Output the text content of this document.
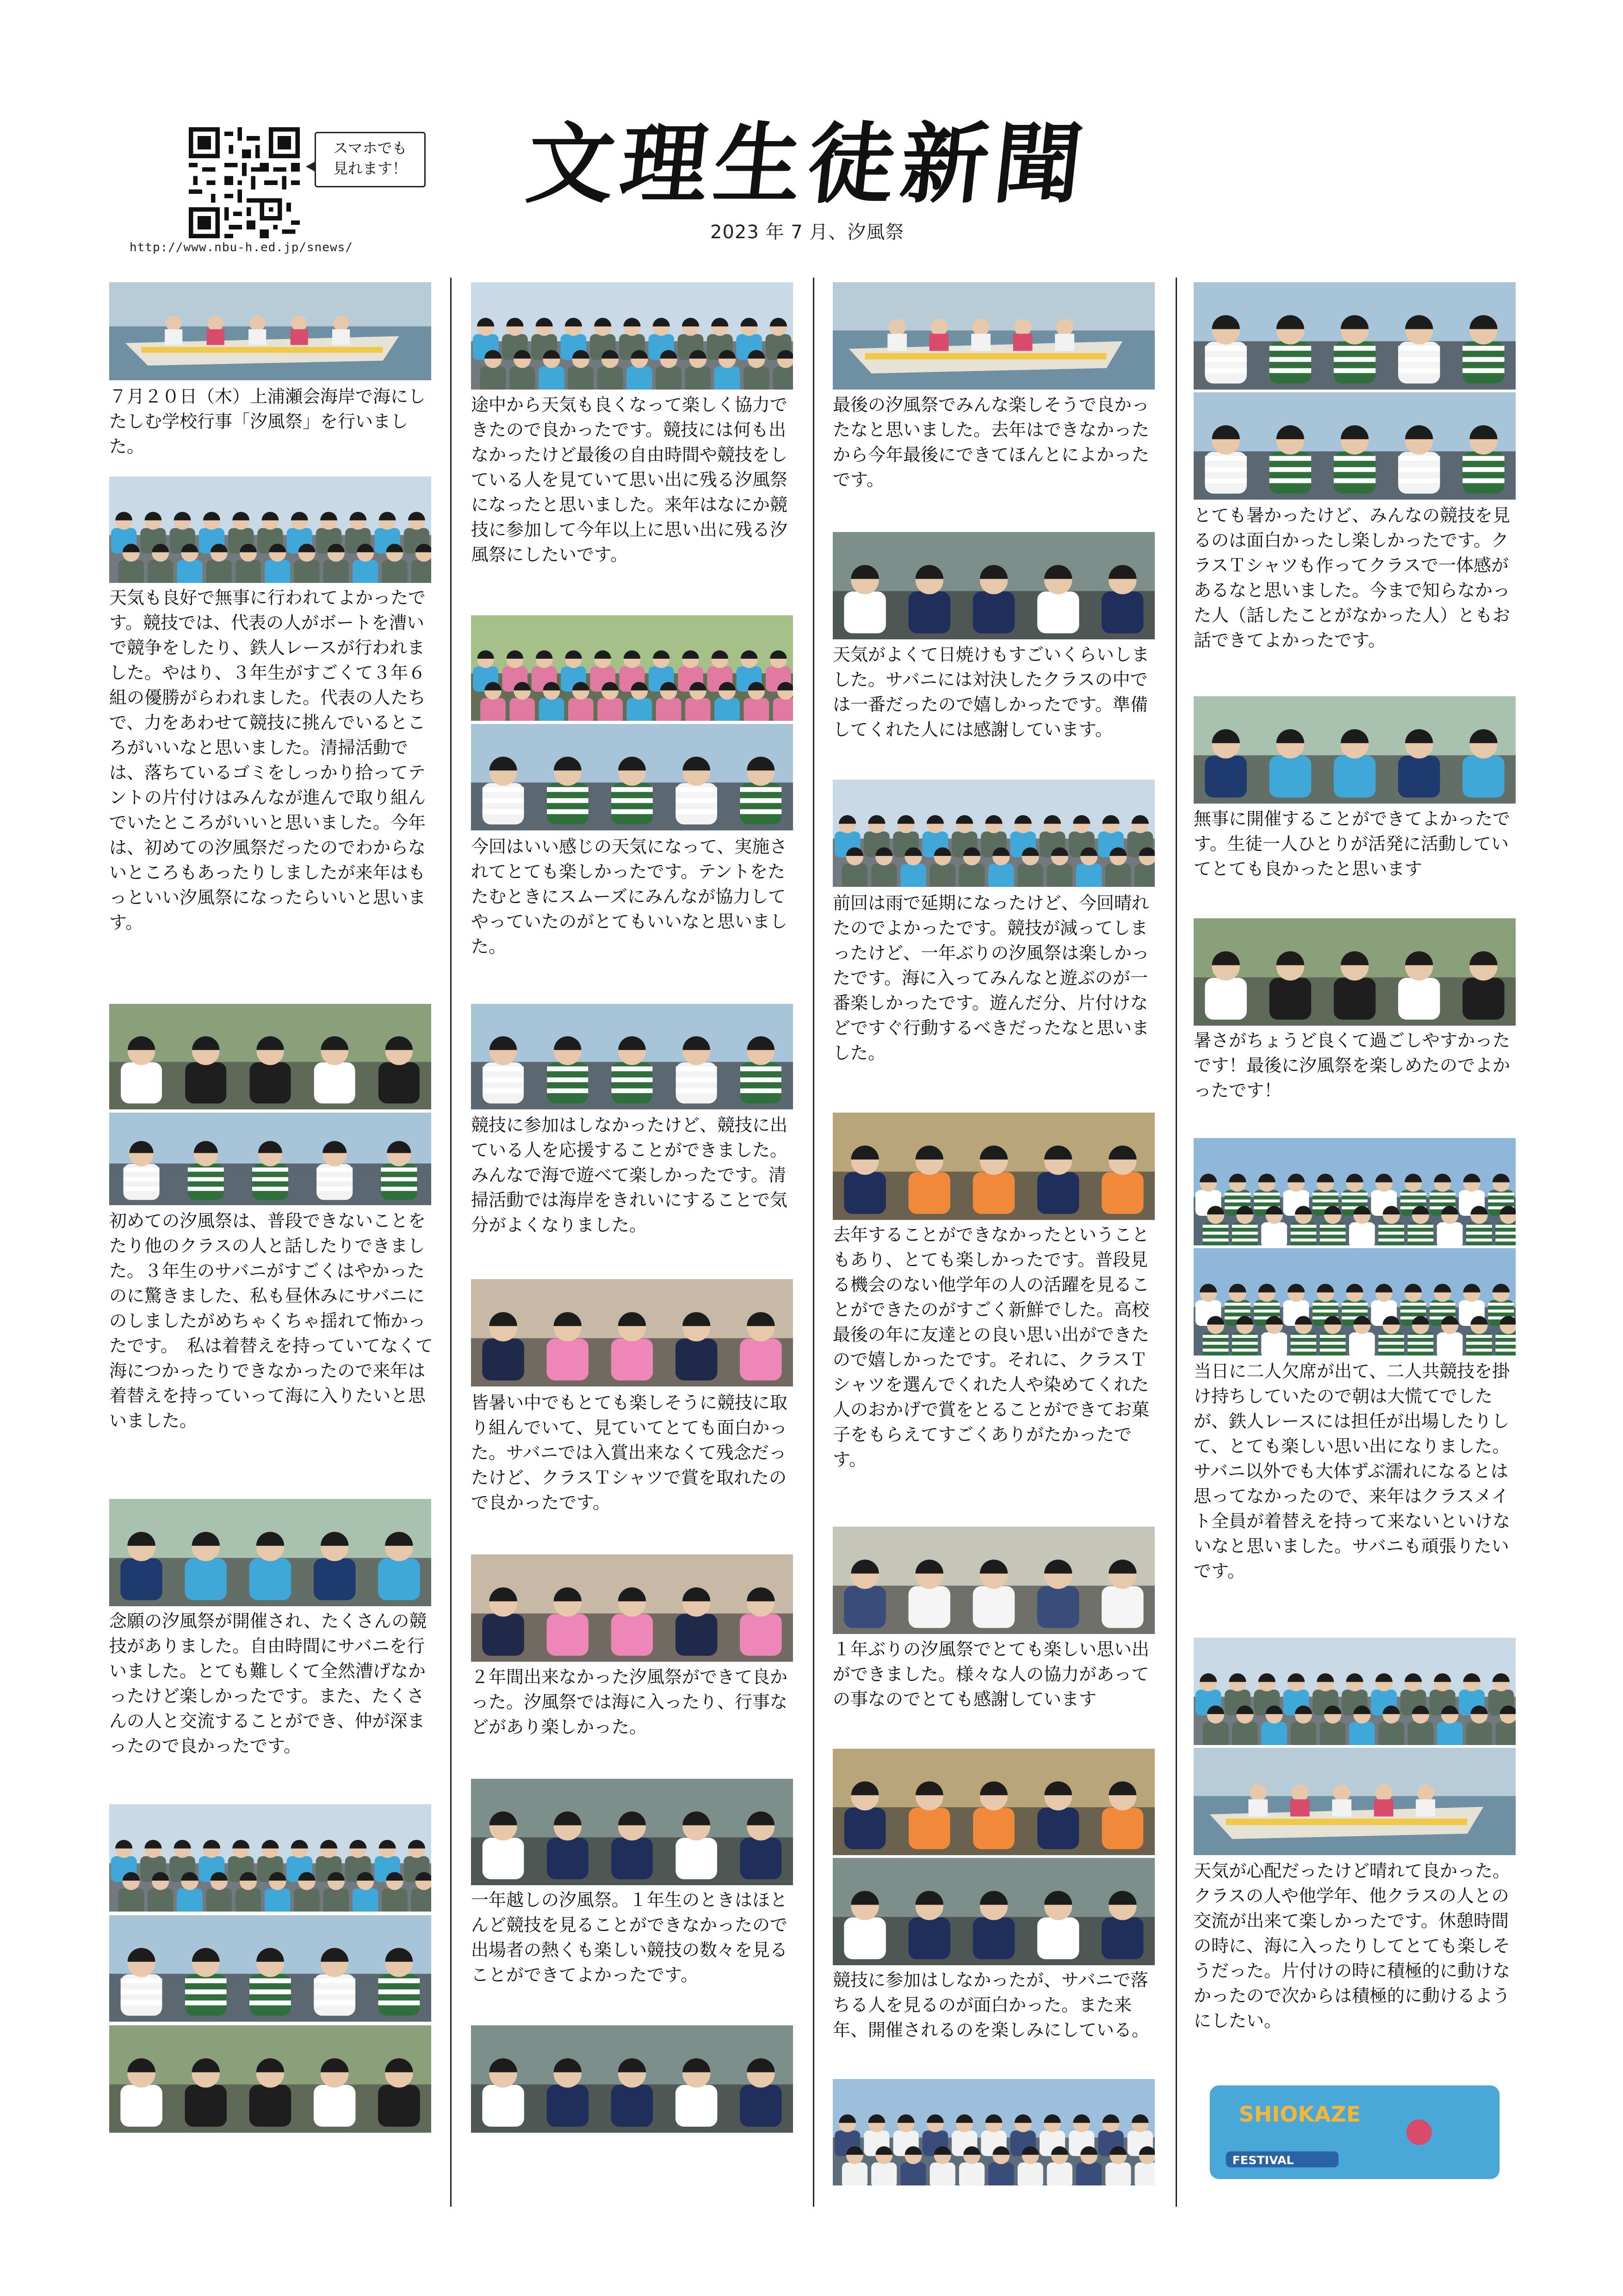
http://www.nbu-h.ed.jp/snews/
スマホでも
見れます！ 文理生徒新聞
2023 年 7 月、汐風祭

７月２０日（木）上浦瀬会海岸で海にしたしむ学校行事「汐風祭」を行いました。

天気も良好で無事に行われてよかったです。競技では、代表の人がボートを漕いで競争をしたり、鉄人レースが行われました。やはり、３年生がすごくて３年６組の優勝がらわれました。代表の人たちで、力をあわせて競技に挑んでいるところがいいなと思いました。清掃活動では、落ちているゴミをしっかり拾ってテントの片付けはみんなが進んで取り組んでいたところがいいと思いました。今年は、初めての汐風祭だったのでわからないところもあったりしましたが来年はもっといい汐風祭になったらいいと思います。

初めての汐風祭は、普段できないことをたり他のクラスの人と話したりできました。３年生のサバニがすごくはやかったのに驚きました、私も昼休みにサバニにのしましたがめちゃくちゃ揺れて怖かったです。　私は着替えを持っていてなくて海につかったりできなかったので来年は着替えを持っていって海に入りたいと思いました。

念願の汐風祭が開催され、たくさんの競技がありました。自由時間にサバニを行いました。とても難しくて全然漕げなかったけど楽しかったです。また、たくさんの人と交流することができ、仲が深まったので良かったです。

途中から天気も良くなって楽しく協力できたので良かったです。競技には何も出なかったけど最後の自由時間や競技をしている人を見ていて思い出に残る汐風祭になったと思いました。来年はなにか競技に参加して今年以上に思い出に残る汐風祭にしたいです。

今回はいい感じの天気になって、実施されてとても楽しかったです。テントをたたむときにスムーズにみんなが協力してやっていたのがとてもいいなと思いました。

競技に参加はしなかったけど、競技に出ている人を応援することができました。みんなで海で遊べて楽しかったです。清掃活動では海岸をきれいにすることで気分がよくなりました。

皆暑い中でもとても楽しそうに競技に取り組んでいて、見ていてとても面白かった。サバニでは入賞出来なくて残念だったけど、クラスＴシャツで賞を取れたので良かったです。

２年間出来なかった汐風祭ができて良かった。汐風祭では海に入ったり、行事などがあり楽しかった。

一年越しの汐風祭。１年生のときはほとんど競技を見ることができなかったので出場者の熱くも楽しい競技の数々を見ることができてよかったです。

最後の汐風祭でみんな楽しそうで良かったなと思いました。去年はできなかったから今年最後にできてほんとによかったです。

天気がよくて日焼けもすごいくらいしました。サバニには対決したクラスの中では一番だったので嬉しかったです。準備してくれた人には感謝しています。

前回は雨で延期になったけど、今回晴れたのでよかったです。競技が減ってしまったけど、一年ぶりの汐風祭は楽しかったです。海に入ってみんなと遊ぶのが一番楽しかったです。遊んだ分、片付けなどですぐ行動するべきだったなと思いました。

去年することができなかったということもあり、とても楽しかったです。普段見る機会のない他学年の人の活躍を見ることができたのがすごく新鮮でした。高校最後の年に友達との良い思い出ができたので嬉しかったです。それに、クラスＴシャツを選んでくれた人や染めてくれた人のおかげで賞をとることができてお菓子をもらえてすごくありがたかったです。

１年ぶりの汐風祭でとても楽しい思い出ができました。様々な人の協力があっての事なのでとても感謝しています

競技に参加はしなかったが、サバニで落ちる人を見るのが面白かった。また来年、開催されるのを楽しみにしている。

とても暑かったけど、みんなの競技を見るのは面白かったし楽しかったです。クラスＴシャツも作ってクラスで一体感があるなと思いました。今まで知らなかった人（話したことがなかった人）ともお話できてよかったです。

無事に開催することができてよかったです。生徒一人ひとりが活発に活動していてとても良かったと思います

暑さがちょうど良くて過ごしやすかったです！最後に汐風祭を楽しめたのでよかったです！

当日に二人欠席が出て、二人共競技を掛け持ちしていたので朝は大慌てでしたが、鉄人レースには担任が出場したりして、とても楽しい思い出になりました。サバニ以外でも大体ずぶ濡れになるとは思ってなかったので、来年はクラスメイト全員が着替えを持って来ないといけないなと思いました。サバニも頑張りたいです。

天気が心配だったけど晴れて良かった。クラスの人や他学年、他クラスの人との交流が出来て楽しかったです。休憩時間の時に、海に入ったりしてとても楽しそうだった。片付けの時に積極的に動けなかったので次からは積極的に動けるようにしたい。

SHIOKAZE
FESTIVAL
